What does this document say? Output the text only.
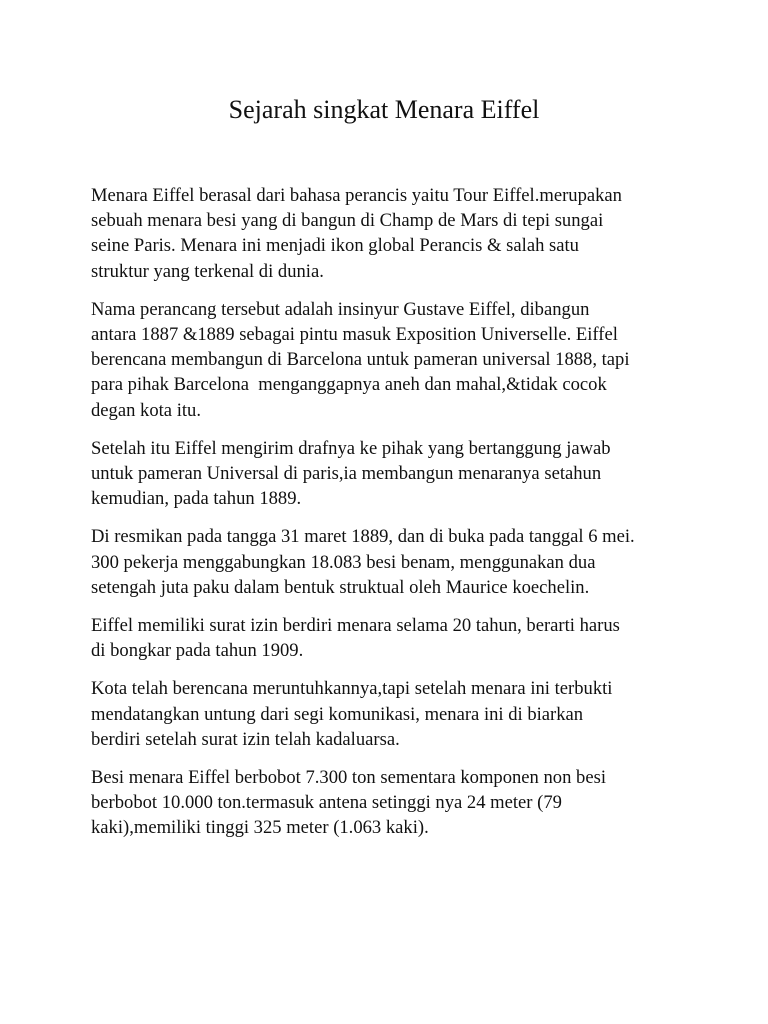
Sejarah singkat Menara Eiffel

Menara Eiffel berasal dari bahasa perancis yaitu Tour Eiffel.merupakan
sebuah menara besi yang di bangun di Champ de Mars di tepi sungai
seine Paris. Menara ini menjadi ikon global Perancis & salah satu
struktur yang terkenal di dunia.

Nama perancang tersebut adalah insinyur Gustave Eiffel, dibangun
antara 1887 &1889 sebagai pintu masuk Exposition Universelle. Eiffel
berencana membangun di Barcelona untuk pameran universal 1888, tapi
para pihak Barcelona  menganggapnya aneh dan mahal,&tidak cocok
degan kota itu.

Setelah itu Eiffel mengirim drafnya ke pihak yang bertanggung jawab
untuk pameran Universal di paris,ia membangun menaranya setahun
kemudian, pada tahun 1889.

Di resmikan pada tangga 31 maret 1889, dan di buka pada tanggal 6 mei.
300 pekerja menggabungkan 18.083 besi benam, menggunakan dua
setengah juta paku dalam bentuk struktual oleh Maurice koechelin.

Eiffel memiliki surat izin berdiri menara selama 20 tahun, berarti harus
di bongkar pada tahun 1909.

Kota telah berencana meruntuhkannya,tapi setelah menara ini terbukti
mendatangkan untung dari segi komunikasi, menara ini di biarkan
berdiri setelah surat izin telah kadaluarsa.

Besi menara Eiffel berbobot 7.300 ton sementara komponen non besi
berbobot 10.000 ton.termasuk antena setinggi nya 24 meter (79
kaki),memiliki tinggi 325 meter (1.063 kaki).
